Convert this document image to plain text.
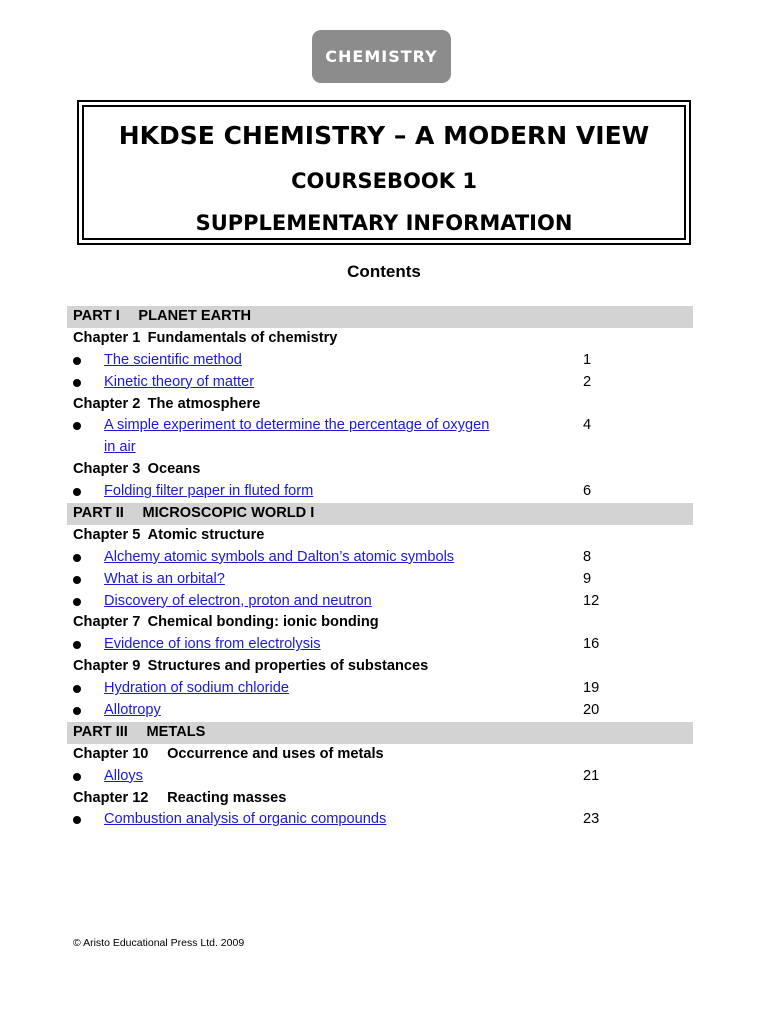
CHEMISTRY
HKDSE CHEMISTRY – A MODERN VIEW
COURSEBOOK 1
SUPPLEMENTARY INFORMATION
Contents
PART I  PLANET EARTH
Chapter 1 Fundamentals of chemistry
The scientific method	1
Kinetic theory of matter	2
Chapter 2 The atmosphere
A simple experiment to determine the percentage of oxygen	4
in air
Chapter 3 Oceans
Folding filter paper in fluted form	6
PART II  MICROSCOPIC WORLD I
Chapter 5 Atomic structure
Alchemy atomic symbols and Dalton’s atomic symbols	8
What is an orbital?	9
Discovery of electron, proton and neutron	12
Chapter 7 Chemical bonding: ionic bonding
Evidence of ions from electrolysis	16
Chapter 9 Structures and properties of substances
Hydration of sodium chloride	19
Allotropy	20
PART III  METALS
Chapter 10  Occurrence and uses of metals
Alloys	21
Chapter 12  Reacting masses
Combustion analysis of organic compounds	23
© Aristo Educational Press Ltd. 2009
